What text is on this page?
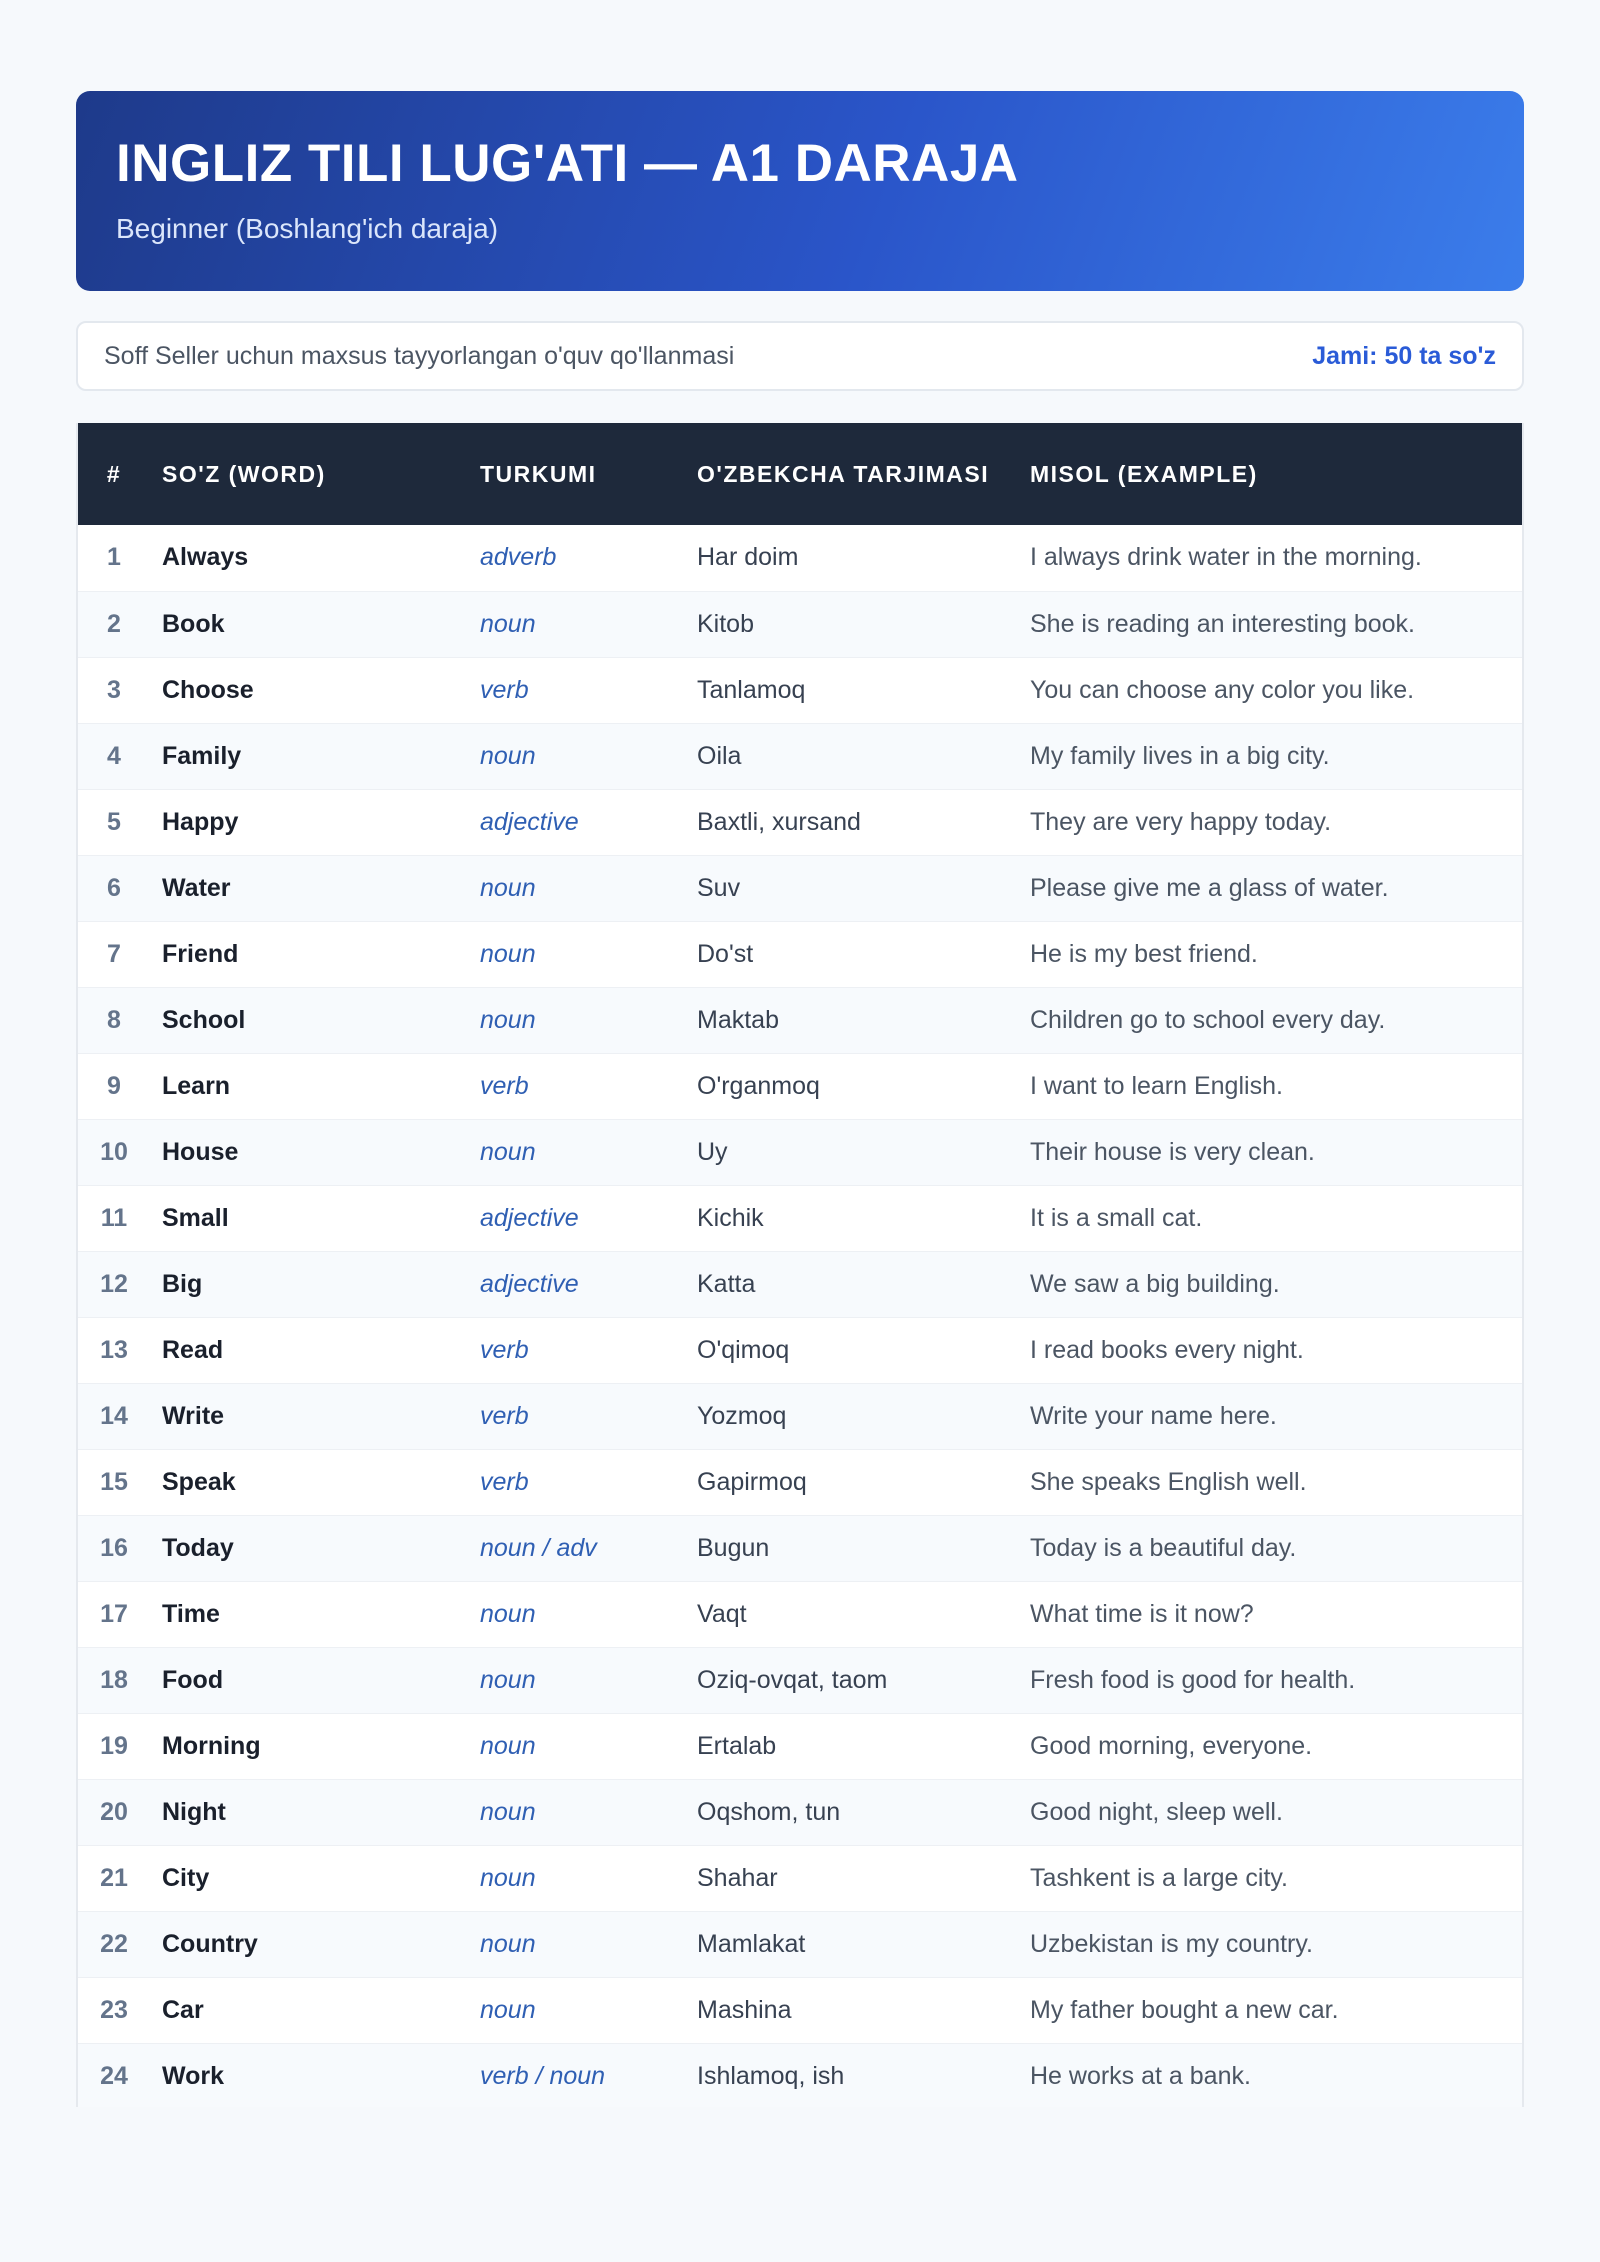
INGLIZ TILI LUG'ATI — A1 DARAJA
Beginner (Boshlang'ich daraja)
Soff Seller uchun maxsus tayyorlangan o'quv qo'llanmasi	Jami: 50 ta so'z
#	SO'Z (WORD)	TURKUMI	O'ZBEKCHA TARJIMASI	MISOL (EXAMPLE)
1	Always	adverb	Har doim	I always drink water in the morning.
2	Book	noun	Kitob	She is reading an interesting book.
3	Choose	verb	Tanlamoq	You can choose any color you like.
4	Family	noun	Oila	My family lives in a big city.
5	Happy	adjective	Baxtli, xursand	They are very happy today.
6	Water	noun	Suv	Please give me a glass of water.
7	Friend	noun	Do'st	He is my best friend.
8	School	noun	Maktab	Children go to school every day.
9	Learn	verb	O'rganmoq	I want to learn English.
10	House	noun	Uy	Their house is very clean.
11	Small	adjective	Kichik	It is a small cat.
12	Big	adjective	Katta	We saw a big building.
13	Read	verb	O'qimoq	I read books every night.
14	Write	verb	Yozmoq	Write your name here.
15	Speak	verb	Gapirmoq	She speaks English well.
16	Today	noun / adv	Bugun	Today is a beautiful day.
17	Time	noun	Vaqt	What time is it now?
18	Food	noun	Oziq-ovqat, taom	Fresh food is good for health.
19	Morning	noun	Ertalab	Good morning, everyone.
20	Night	noun	Oqshom, tun	Good night, sleep well.
21	City	noun	Shahar	Tashkent is a large city.
22	Country	noun	Mamlakat	Uzbekistan is my country.
23	Car	noun	Mashina	My father bought a new car.
24	Work	verb / noun	Ishlamoq, ish	He works at a bank.
